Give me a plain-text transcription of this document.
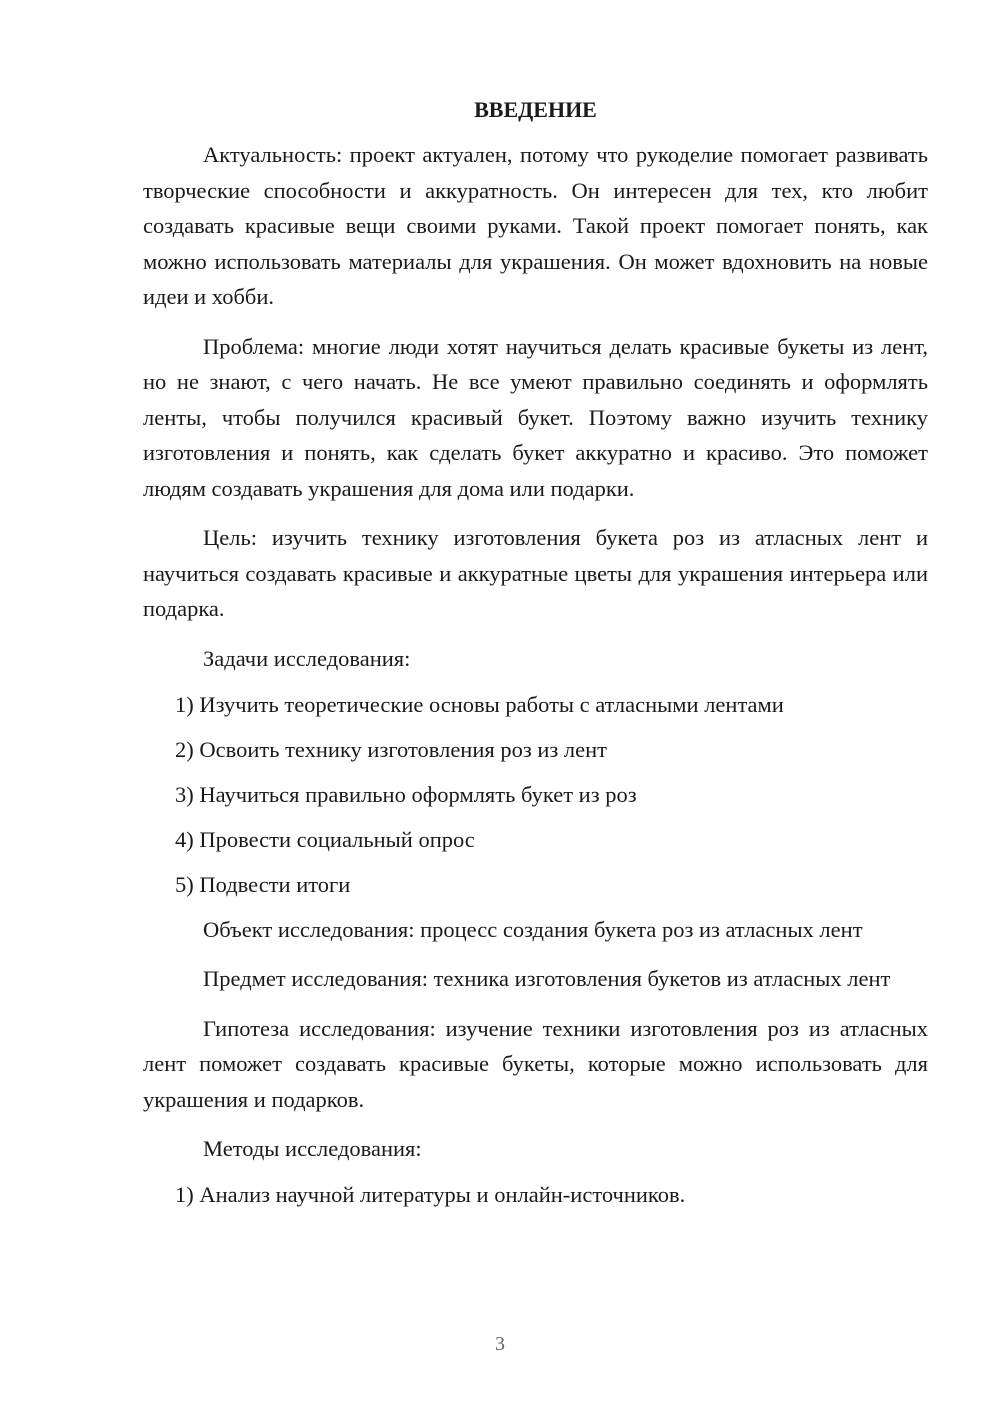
ВВЕДЕНИЕ

Актуальность: проект актуален, потому что рукоделие помогает развивать творческие способности и аккуратность. Он интересен для тех, кто любит создавать красивые вещи своими руками. Такой проект помогает понять, как можно использовать материалы для украшения. Он может вдохновить на новые идеи и хобби.

Проблема: многие люди хотят научиться делать красивые букеты из лент, но не знают, с чего начать. Не все умеют правильно соединять и оформлять ленты, чтобы получился красивый букет. Поэтому важно изучить технику изготовления и понять, как сделать букет аккуратно и красиво. Это поможет людям создавать украшения для дома или подарки.

Цель: изучить технику изготовления букета роз из атласных лент и научиться создавать красивые и аккуратные цветы для украшения интерьера или подарка.

Задачи исследования:
1) Изучить теоретические основы работы с атласными лентами
2) Освоить технику изготовления роз из лент
3) Научиться правильно оформлять букет из роз
4) Провести социальный опрос
5) Подвести итоги

Объект исследования: процесс создания букета роз из атласных лент

Предмет исследования: техника изготовления букетов из атласных лент

Гипотеза исследования: изучение техники изготовления роз из атласных лент поможет создавать красивые букеты, которые можно использовать для украшения и подарков.

Методы исследования:
1) Анализ научной литературы и онлайн-источников.
3
